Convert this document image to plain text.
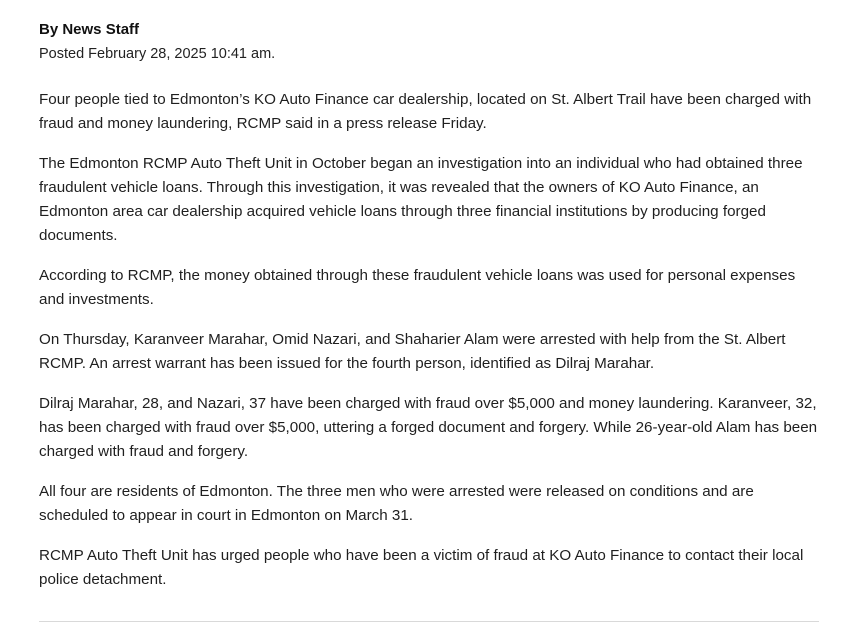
By News Staff

Posted February 28, 2025 10:41 am.

Four people tied to Edmonton’s KO Auto Finance car dealership, located on St. Albert Trail have been charged with fraud and money laundering, RCMP said in a press release Friday.

The Edmonton RCMP Auto Theft Unit in October began an investigation into an individual who had obtained three fraudulent vehicle loans. Through this investigation, it was revealed that the owners of KO Auto Finance, an Edmonton area car dealership acquired vehicle loans through three financial institutions by producing forged documents.

According to RCMP, the money obtained through these fraudulent vehicle loans was used for personal expenses and investments.

On Thursday, Karanveer Marahar, Omid Nazari, and Shaharier Alam were arrested with help from the St. Albert RCMP. An arrest warrant has been issued for the fourth person, identified as Dilraj Marahar.

Dilraj Marahar, 28, and Nazari, 37 have been charged with fraud over $5,000 and money laundering. Karanveer, 32, has been charged with fraud over $5,000, uttering a forged document and forgery. While 26-year-old Alam has been charged with fraud and forgery.

All four are residents of Edmonton. The three men who were arrested were released on conditions and are scheduled to appear in court in Edmonton on March 31.

RCMP Auto Theft Unit has urged people who have been a victim of fraud at KO Auto Finance to contact their local police detachment.
